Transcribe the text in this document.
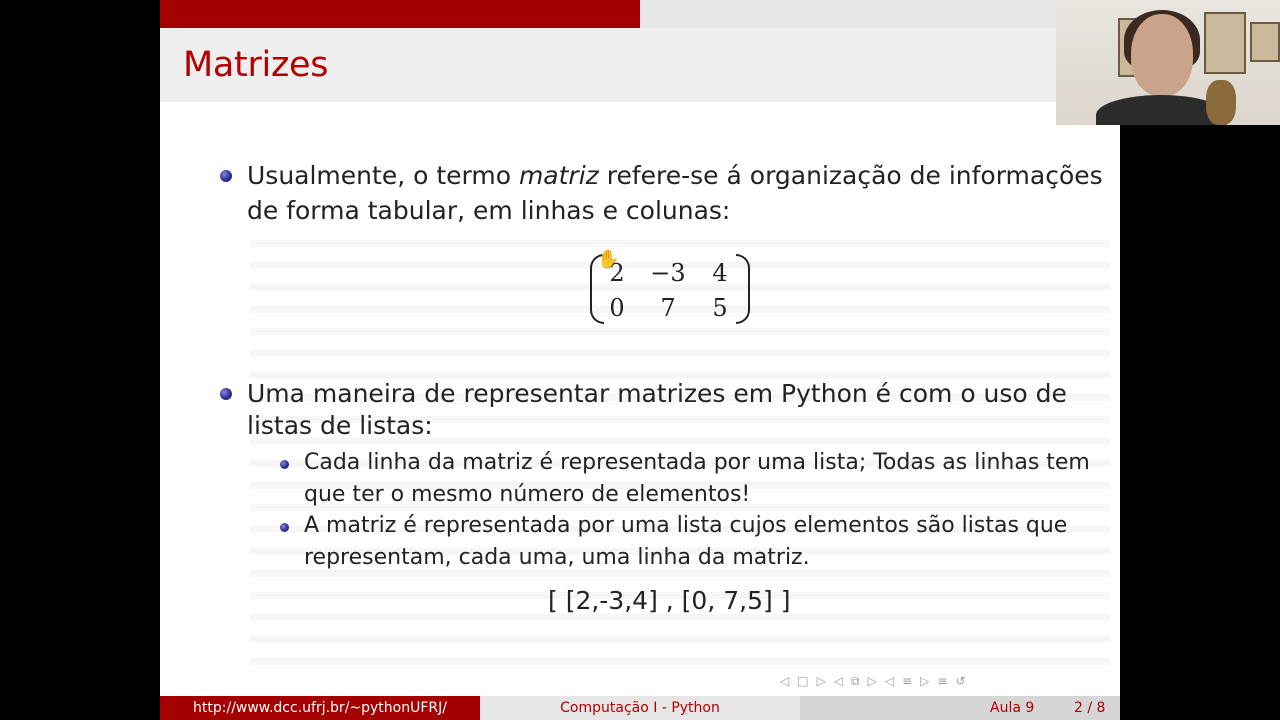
Matrizes
Usualmente, o termo matriz refere-se á organização de informações
de forma tabular, em linhas e colunas:
2	−3	4
0	7	5
✋
Uma maneira de representar matrizes em Python é com o uso de
listas de listas:
Cada linha da matriz é representada por uma lista; Todas as linhas tem
que ter o mesmo número de elementos!
A matriz é representada por uma lista cujos elementos são listas que
representam, cada uma, uma linha da matriz.
[ [2,-3,4] , [0, 7,5] ]
◁ □ ▷ ◁ ⧉ ▷ ◁ ≡ ▷ ≡ ↺
http://www.dcc.ufrj.br/~pythonUFRJ/	Computação I - Python	Aula 9	2 / 8
